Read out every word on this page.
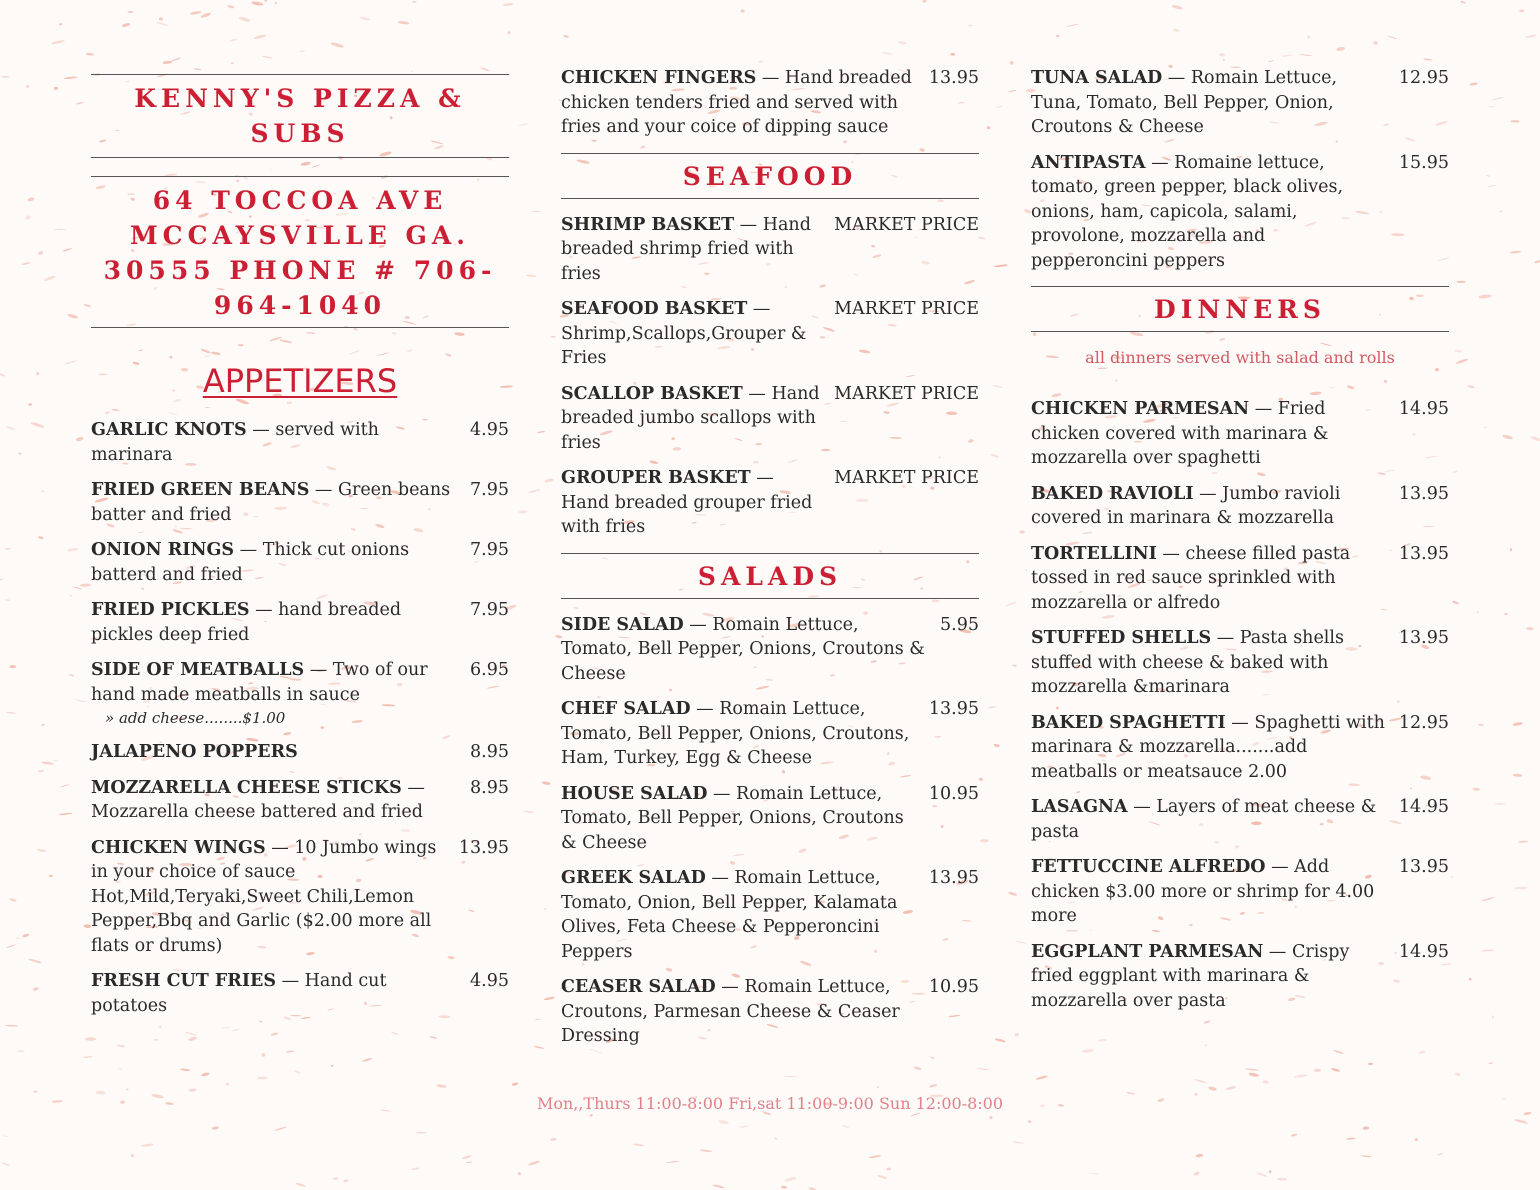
KENNY'S PIZZA & SUBS
64 TOCCOA AVE MCCAYSVILLE GA. 30555 PHONE # 706-964-1040
APPETIZERS
GARLIC KNOTS — served with marinara
4.95
FRIED GREEN BEANS — Green beans batter and fried
7.95
ONION RINGS — Thick cut onions batterd and fried
7.95
FRIED PICKLES — hand breaded pickles deep fried
7.95
SIDE OF MEATBALLS — Two of our hand made meatballs in sauce
» add cheese........$1.00
6.95
JALAPENO POPPERS	8.95
MOZZARELLA CHEESE STICKS — Mozzarella cheese battered and fried
8.95
CHICKEN WINGS — 10 Jumbo wings in your choice of sauce Hot,Mild,Teryaki,Sweet Chili,Lemon Pepper,Bbq and Garlic ($2.00 more all flats or drums)
13.95
FRESH CUT FRIES — Hand cut potatoes
4.95
CHICKEN FINGERS — Hand breaded chicken tenders fried and served with fries and your coice of dipping sauce
13.95
SEAFOOD
SHRIMP BASKET — Hand breaded shrimp fried with fries
MARKET PRICE
SEAFOOD BASKET — Shrimp,Scallops,Grouper & Fries
MARKET PRICE
SCALLOP BASKET — Hand breaded jumbo scallops with fries
MARKET PRICE
GROUPER BASKET — Hand breaded grouper fried with fries
MARKET PRICE
SALADS
SIDE SALAD — Romain Lettuce, Tomato, Bell Pepper, Onions, Croutons & Cheese
5.95
CHEF SALAD — Romain Lettuce, Tomato, Bell Pepper, Onions, Croutons, Ham, Turkey, Egg & Cheese
13.95
HOUSE SALAD — Romain Lettuce, Tomato, Bell Pepper, Onions, Croutons & Cheese
10.95
GREEK SALAD — Romain Lettuce, Tomato, Onion, Bell Pepper, Kalamata Olives, Feta Cheese & Pepperoncini Peppers
13.95
CEASER SALAD — Romain Lettuce, Croutons, Parmesan Cheese & Ceaser Dressing
10.95
TUNA SALAD — Romain Lettuce, Tuna, Tomato, Bell Pepper, Onion, Croutons & Cheese
12.95
ANTIPASTA — Romaine lettuce, tomato, green pepper, black olives, onions, ham, capicola, salami, provolone, mozzarella and pepperoncini peppers
15.95
DINNERS
all dinners served with salad and rolls
CHICKEN PARMESAN — Fried chicken covered with marinara & mozzarella over spaghetti
14.95
BAKED RAVIOLI — Jumbo ravioli covered in marinara & mozzarella
13.95
TORTELLINI — cheese filled pasta tossed in red sauce sprinkled with mozzarella or alfredo
13.95
STUFFED SHELLS — Pasta shells stuffed with cheese & baked with mozzarella &marinara
13.95
BAKED SPAGHETTI — Spaghetti with marinara & mozzarella.......add meatballs or meatsauce 2.00
12.95
LASAGNA — Layers of meat cheese & pasta
14.95
FETTUCCINE ALFREDO — Add chicken $3.00 more or shrimp for 4.00 more
13.95
EGGPLANT PARMESAN — Crispy fried eggplant with marinara & mozzarella over pasta
14.95
Mon,,Thurs 11:00-8:00 Fri,sat 11:00-9:00 Sun 12:00-8:00
